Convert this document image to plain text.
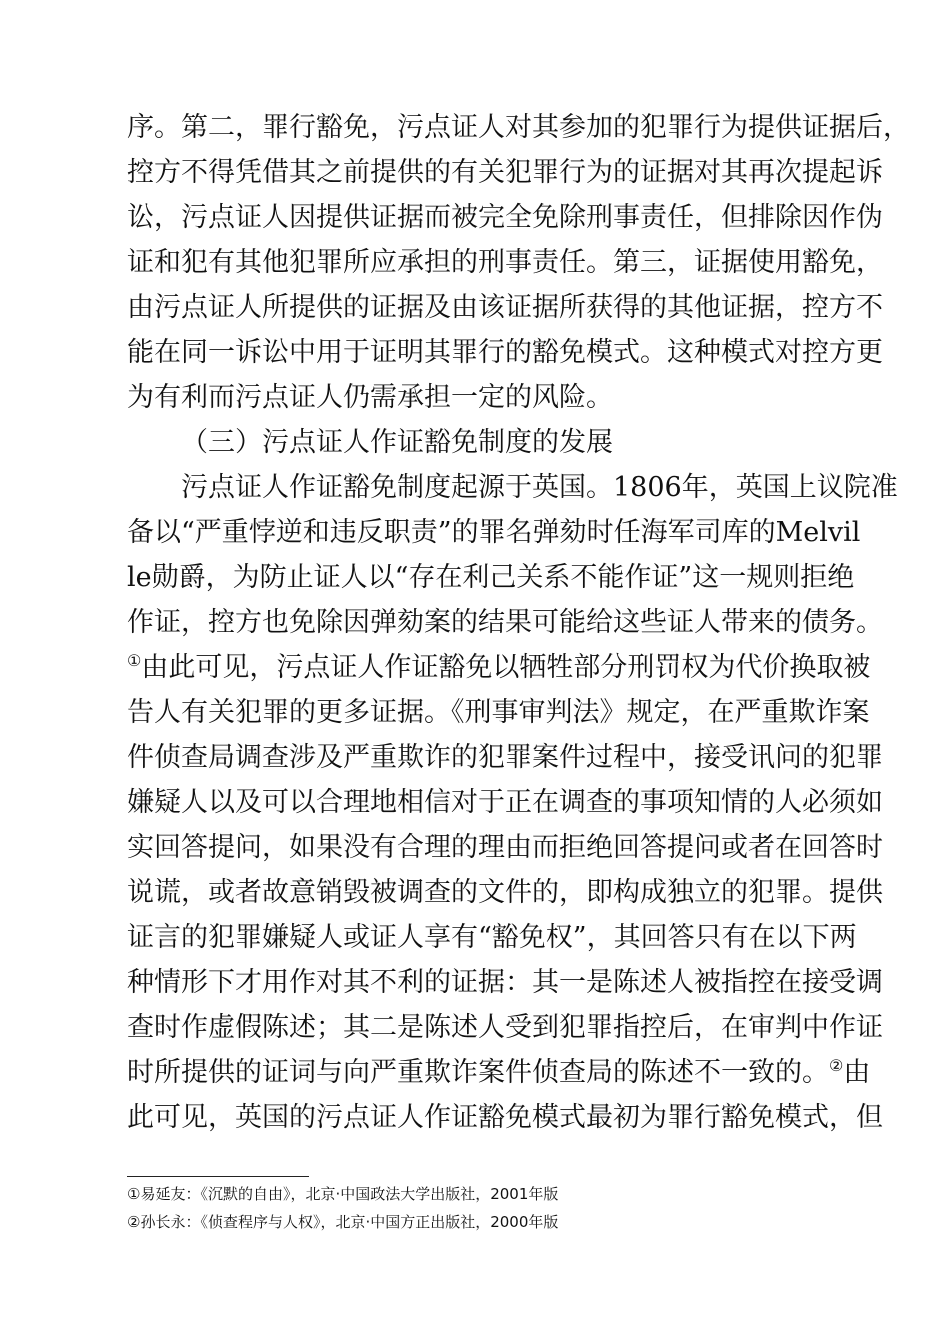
序。第二，罪行豁免，污点证人对其参加的犯罪行为提供证据后，
控方不得凭借其之前提供的有关犯罪行为的证据对其再次提起诉
讼，污点证人因提供证据而被完全免除刑事责任，但排除因作伪
证和犯有其他犯罪所应承担的刑事责任。第三，证据使用豁免，
由污点证人所提供的证据及由该证据所获得的其他证据，控方不
能在同一诉讼中用于证明其罪行的豁免模式。这种模式对控方更
为有利而污点证人仍需承担一定的风险。
（三）污点证人作证豁免制度的发展
污点证人作证豁免制度起源于英国。1806年，英国上议院准
备以“严重悖逆和违反职责”的罪名弹劾时任海军司库的Melvil
le勋爵，为防止证人以“存在利己关系不能作证”这一规则拒绝
作证，控方也免除因弹劾案的结果可能给这些证人带来的债务。
①由此可见，污点证人作证豁免以牺牲部分刑罚权为代价换取被
告人有关犯罪的更多证据。《刑事审判法》规定，在严重欺诈案
件侦查局调查涉及严重欺诈的犯罪案件过程中，接受讯问的犯罪
嫌疑人以及可以合理地相信对于正在调查的事项知情的人必须如
实回答提问，如果没有合理的理由而拒绝回答提问或者在回答时
说谎，或者故意销毁被调查的文件的，即构成独立的犯罪。提供
证言的犯罪嫌疑人或证人享有“豁免权”，其回答只有在以下两
种情形下才用作对其不利的证据：其一是陈述人被指控在接受调
查时作虚假陈述；其二是陈述人受到犯罪指控后，在审判中作证
时所提供的证词与向严重欺诈案件侦查局的陈述不一致的。②由
此可见，英国的污点证人作证豁免模式最初为罪行豁免模式，但
①易延友：《沉默的自由》，北京·中国政法大学出版社，2001年版
②孙长永：《侦查程序与人权》，北京·中国方正出版社，2000年版
